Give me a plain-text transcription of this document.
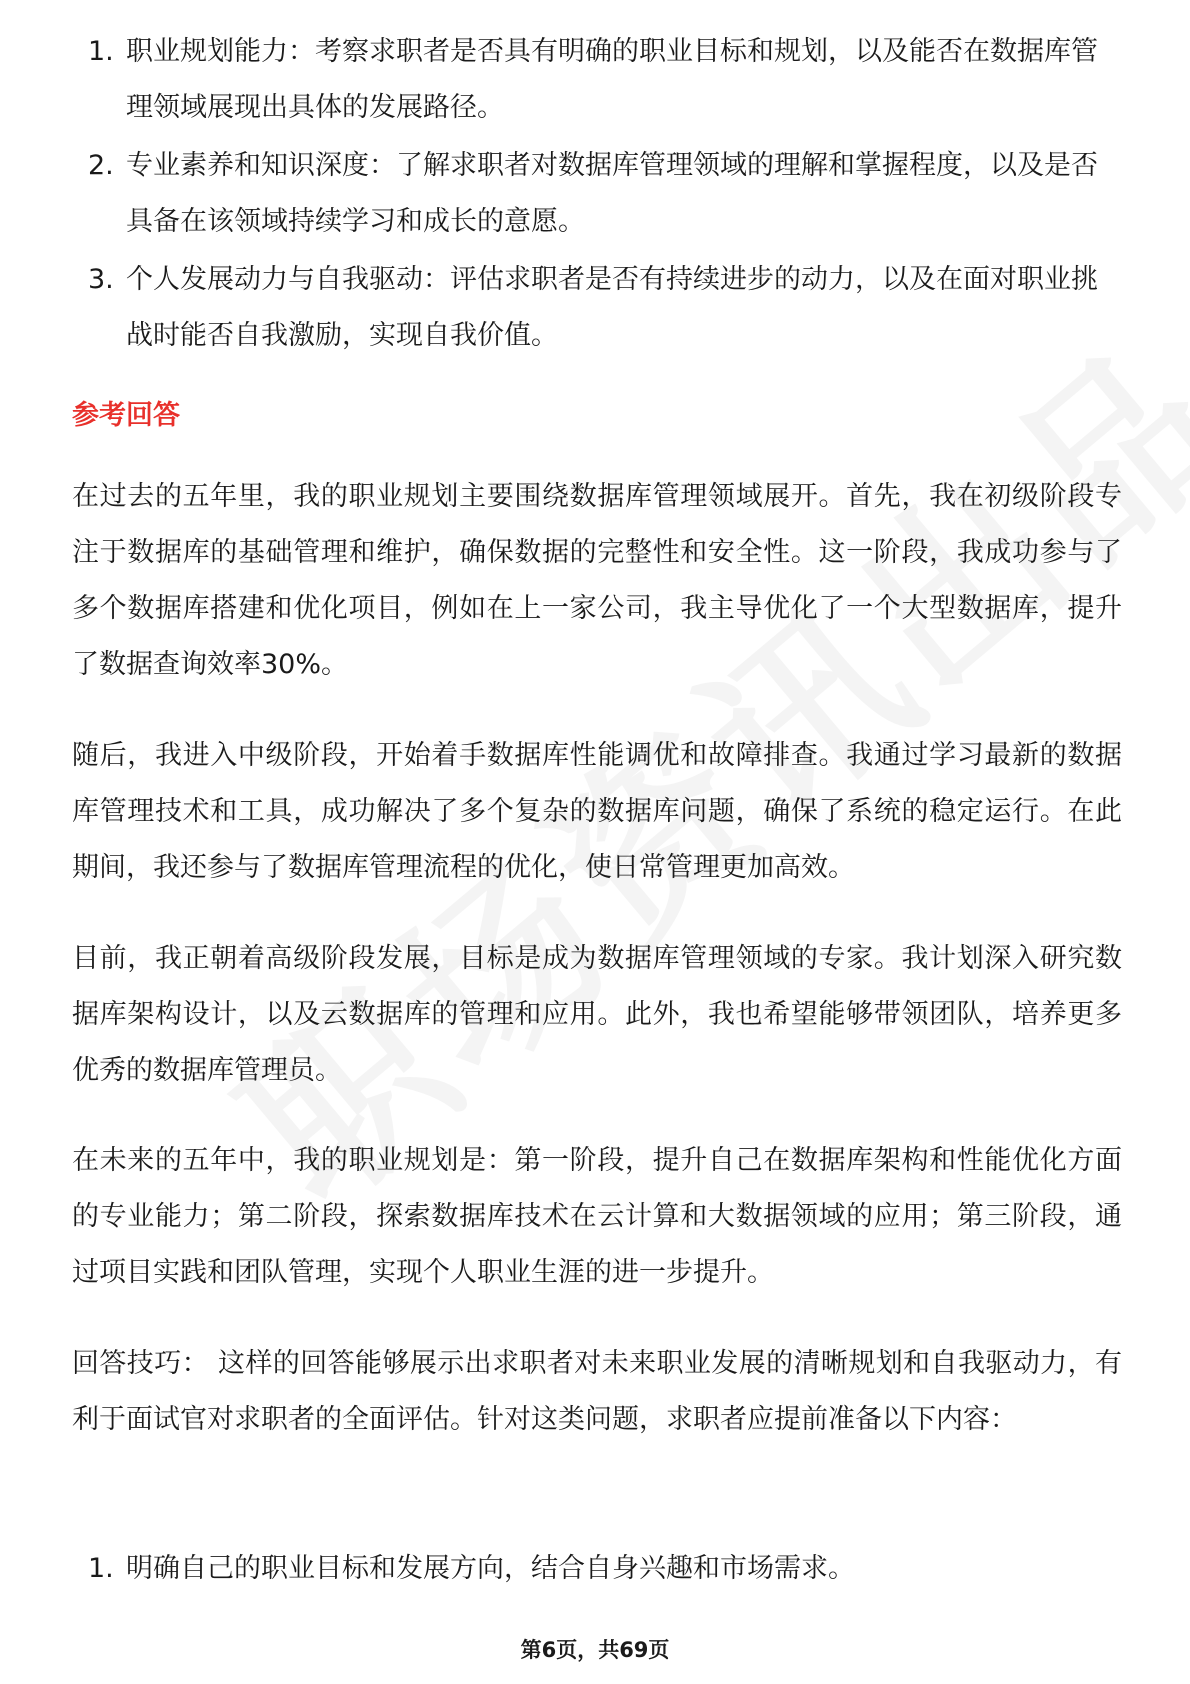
1. 职业规划能力：考察求职者是否具有明确的职业目标和规划，以及能否在数据库管理领域展现出具体的发展路径。
2. 专业素养和知识深度：了解求职者对数据库管理领域的理解和掌握程度，以及是否具备在该领域持续学习和成长的意愿。
3. 个人发展动力与自我驱动：评估求职者是否有持续进步的动力，以及在面对职业挑战时能否自我激励，实现自我价值。
参考回答

在过去的五年里，我的职业规划主要围绕数据库管理领域展开。首先，我在初级阶段专注于数据库的基础管理和维护，确保数据的完整性和安全性。这一阶段，我成功参与了多个数据库搭建和优化项目，例如在上一家公司，我主导优化了一个大型数据库，提升了数据查询效率30%。

随后，我进入中级阶段，开始着手数据库性能调优和故障排查。我通过学习最新的数据库管理技术和工具，成功解决了多个复杂的数据库问题，确保了系统的稳定运行。在此期间，我还参与了数据库管理流程的优化，使日常管理更加高效。

目前，我正朝着高级阶段发展，目标是成为数据库管理领域的专家。我计划深入研究数据库架构设计，以及云数据库的管理和应用。此外，我也希望能够带领团队，培养更多优秀的数据库管理员。

在未来的五年中，我的职业规划是：第一阶段，提升自己在数据库架构和性能优化方面的专业能力；第二阶段，探索数据库技术在云计算和大数据领域的应用；第三阶段，通过项目实践和团队管理，实现个人职业生涯的进一步提升。

回答技巧： 这样的回答能够展示出求职者对未来职业发展的清晰规划和自我驱动力，有利于面试官对求职者的全面评估。针对这类问题，求职者应提前准备以下内容：

1. 明确自己的职业目标和发展方向，结合自身兴趣和市场需求。
第6页，共69页
